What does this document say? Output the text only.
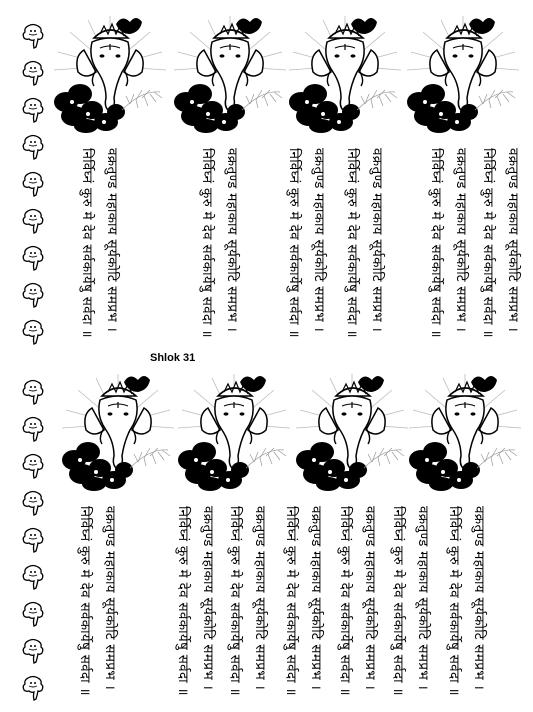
वक्रतुण्ड महाकाय सूर्यकोटि समप्रभ ।
निर्विघ्नं कुरु मे देव सर्वकार्येषु सर्वदा ॥	वक्रतुण्ड महाकाय सूर्यकोटि समप्रभ ।
निर्विघ्नं कुरु मे देव सर्वकार्येषु सर्वदा ॥	वक्रतुण्ड महाकाय सूर्यकोटि समप्रभ ।
निर्विघ्नं कुरु मे देव सर्वकार्येषु सर्वदा ॥	वक्रतुण्ड महाकाय सूर्यकोटि समप्रभ ।
निर्विघ्नं कुरु मे देव सर्वकार्येषु सर्वदा ॥	वक्रतुण्ड महाकाय सूर्यकोटि समप्रभ ।
निर्विघ्नं कुरु मे देव सर्वकार्येषु सर्वदा ॥	वक्रतुण्ड महाकाय सूर्यकोटि समप्रभ ।
निर्विघ्नं कुरु मे देव सर्वकार्येषु सर्वदा ॥
Shlok 31
वक्रतुण्ड महाकाय सूर्यकोटि समप्रभ ।
निर्विघ्नं कुरु मे देव सर्वकार्येषु सर्वदा ॥	वक्रतुण्ड महाकाय सूर्यकोटि समप्रभ ।
निर्विघ्नं कुरु मे देव सर्वकार्येषु सर्वदा ॥	वक्रतुण्ड महाकाय सूर्यकोटि समप्रभ ।
निर्विघ्नं कुरु मे देव सर्वकार्येषु सर्वदा ॥	वक्रतुण्ड महाकाय सूर्यकोटि समप्रभ ।
निर्विघ्नं कुरु मे देव सर्वकार्येषु सर्वदा ॥	वक्रतुण्ड महाकाय सूर्यकोटि समप्रभ ।
निर्विघ्नं कुरु मे देव सर्वकार्येषु सर्वदा ॥	वक्रतुण्ड महाकाय सूर्यकोटि समप्रभ ।
निर्विघ्नं कुरु मे देव सर्वकार्येषु सर्वदा ॥	वक्रतुण्ड महाकाय सूर्यकोटि समप्रभ ।
निर्विघ्नं कुरु मे देव सर्वकार्येषु सर्वदा ॥
